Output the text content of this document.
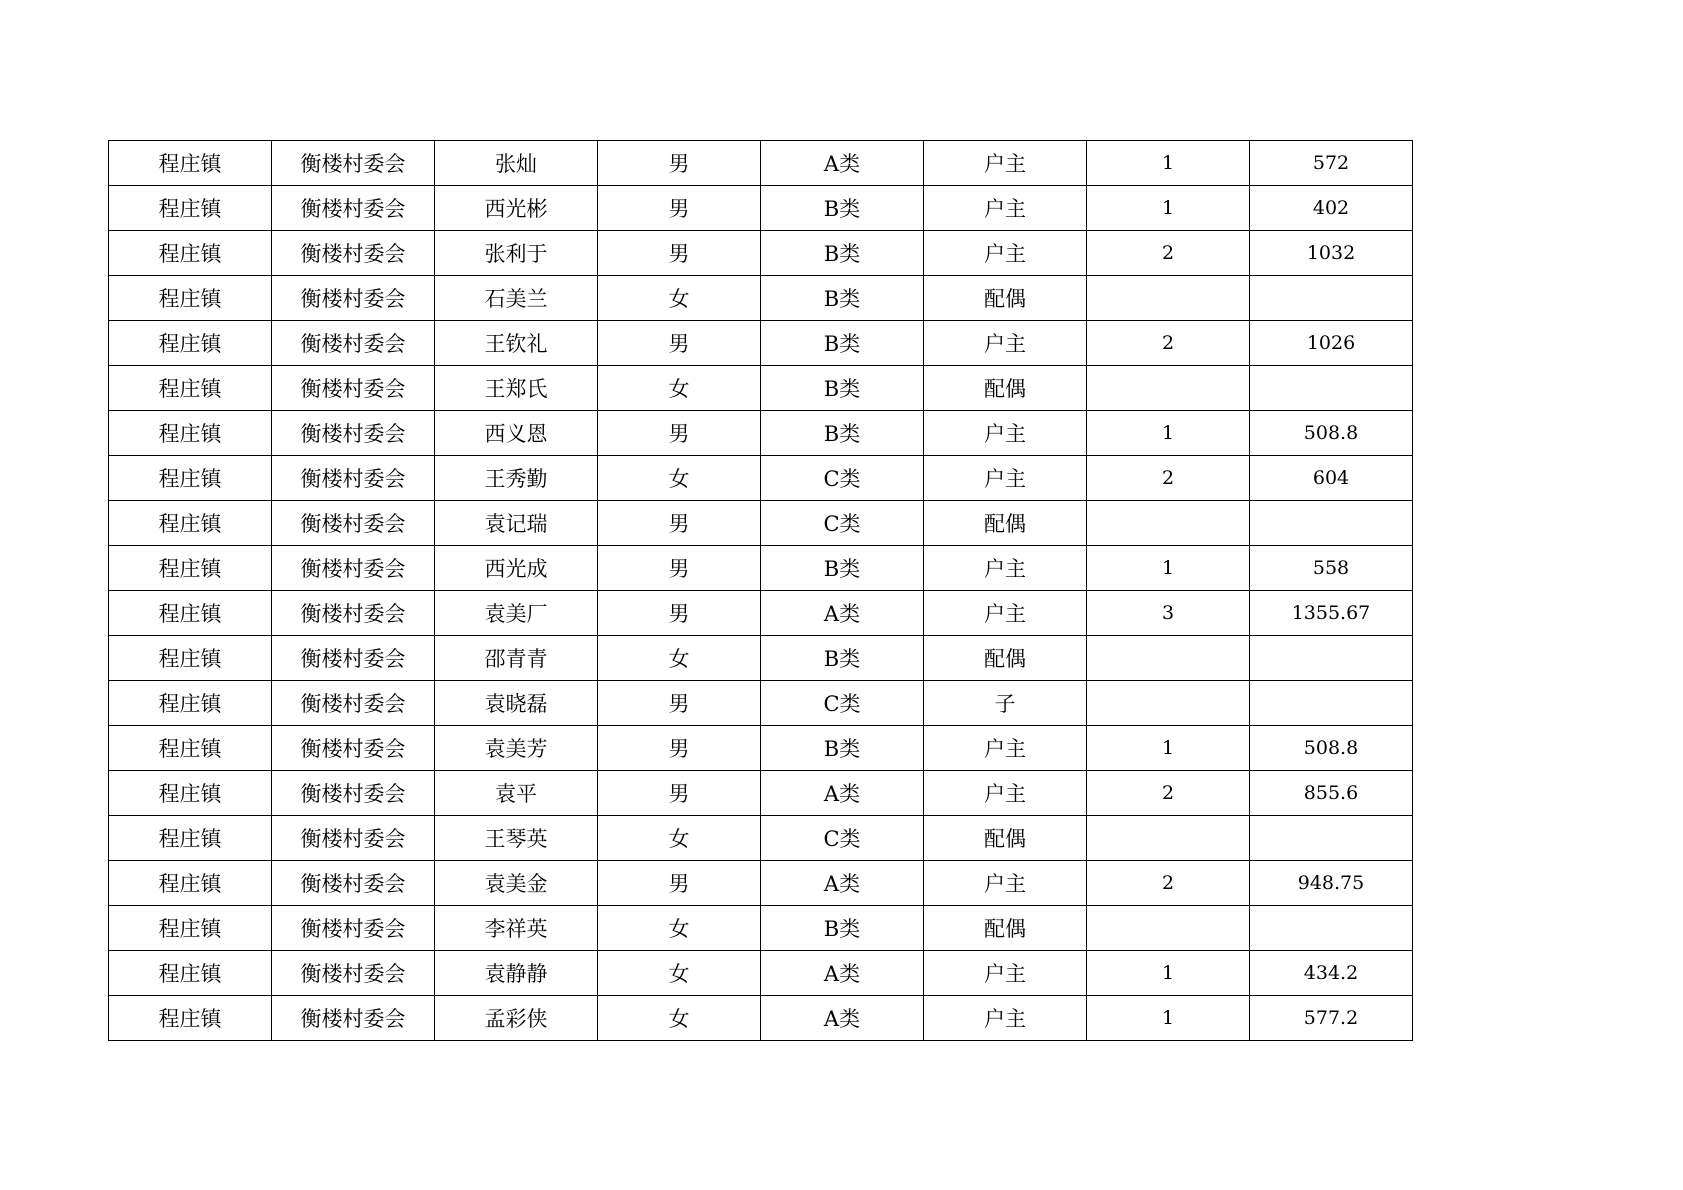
程庄镇	衡楼村委会	张灿	男	A类	户主	1	572
程庄镇	衡楼村委会	西光彬	男	B类	户主	1	402
程庄镇	衡楼村委会	张利于	男	B类	户主	2	1032
程庄镇	衡楼村委会	石美兰	女	B类	配偶		
程庄镇	衡楼村委会	王钦礼	男	B类	户主	2	1026
程庄镇	衡楼村委会	王郑氏	女	B类	配偶		
程庄镇	衡楼村委会	西义恩	男	B类	户主	1	508.8
程庄镇	衡楼村委会	王秀勤	女	C类	户主	2	604
程庄镇	衡楼村委会	袁记瑞	男	C类	配偶		
程庄镇	衡楼村委会	西光成	男	B类	户主	1	558
程庄镇	衡楼村委会	袁美厂	男	A类	户主	3	1355.67
程庄镇	衡楼村委会	邵青青	女	B类	配偶		
程庄镇	衡楼村委会	袁晓磊	男	C类	子		
程庄镇	衡楼村委会	袁美芳	男	B类	户主	1	508.8
程庄镇	衡楼村委会	袁平	男	A类	户主	2	855.6
程庄镇	衡楼村委会	王琴英	女	C类	配偶		
程庄镇	衡楼村委会	袁美金	男	A类	户主	2	948.75
程庄镇	衡楼村委会	李祥英	女	B类	配偶		
程庄镇	衡楼村委会	袁静静	女	A类	户主	1	434.2
程庄镇	衡楼村委会	孟彩侠	女	A类	户主	1	577.2
